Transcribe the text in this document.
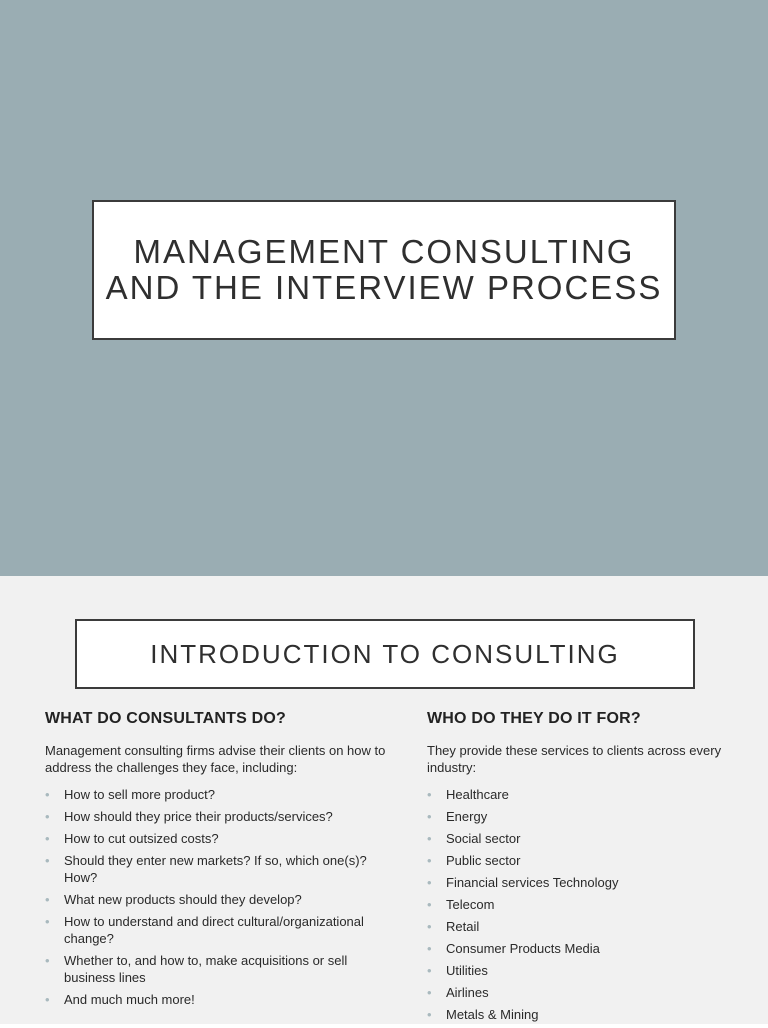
MANAGEMENT CONSULTING
AND THE INTERVIEW PROCESS
INTRODUCTION TO CONSULTING
WHAT DO CONSULTANTS DO?

Management consulting firms advise their clients on how to address the challenges they face, including:

• How to sell more product?
• How should they price their products/services?
• How to cut outsized costs?
• Should they enter new markets? If so, which one(s)? How?
• What new products should they develop?
• How to understand and direct cultural/organizational change?
• Whether to, and how to, make acquisitions or sell business lines
• And much much more!
WHO DO THEY DO IT FOR?

They provide these services to clients across every industry:

• Healthcare
• Energy
• Social sector
• Public sector
• Financial services Technology
• Telecom
• Retail
• Consumer Products Media
• Utilities
• Airlines
• Metals & Mining
